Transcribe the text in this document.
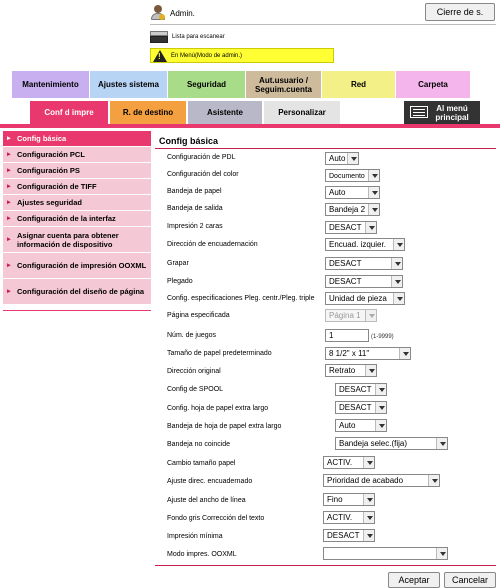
Admin.	Cierre de s.
Lista para escanear
! En Menú(Modo de admin.)
Mantenimiento	Ajustes sistema	Seguridad	Aut.usuario / Seguim.cuenta	Red	Carpeta
Conf d impre	R. de destino	Asistente	Personalizar	Al menú principal
▶ Config básica
▶ Configuración PCL
▶ Configuración PS
▶ Configuración de TIFF
▶ Ajustes seguridad
▶ Configuración de la interfaz
▶ Asignar cuenta para obtener información de dispositivo
▶ Configuración de impresión OOXML
▶ Configuración del diseño de página
Config básica
Configuración de PDL	Auto
Configuración del color	Documento
Bandeja de papel	Auto
Bandeja de salida	Bandeja 2
Impresión 2 caras	DESACT
Dirección de encuadernación	Encuad. izquier.
Grapar	DESACT
Plegado	DESACT
Config. especificaciones Pleg. centr./Pleg. triple	Unidad de pieza
Página especificada	Página 1
Núm. de juegos	1	(1-9999)
Tamaño de papel predeterminado	8 1/2" x 11"
Dirección original	Retrato
Config de SPOOL	DESACT
Config. hoja de papel extra largo	DESACT
Bandeja de hoja de papel extra largo	Auto
Bandeja no coincide	Bandeja selec.(fija)
Cambio tamaño papel	ACTIV.
Ajuste direc. encuadernado	Prioridad de acabado
Ajuste del ancho de línea	Fino
Fondo gris Corrección del texto	ACTIV.
Impresión mínima	DESACT
Modo impres. OOXML
Aceptar	Cancelar
